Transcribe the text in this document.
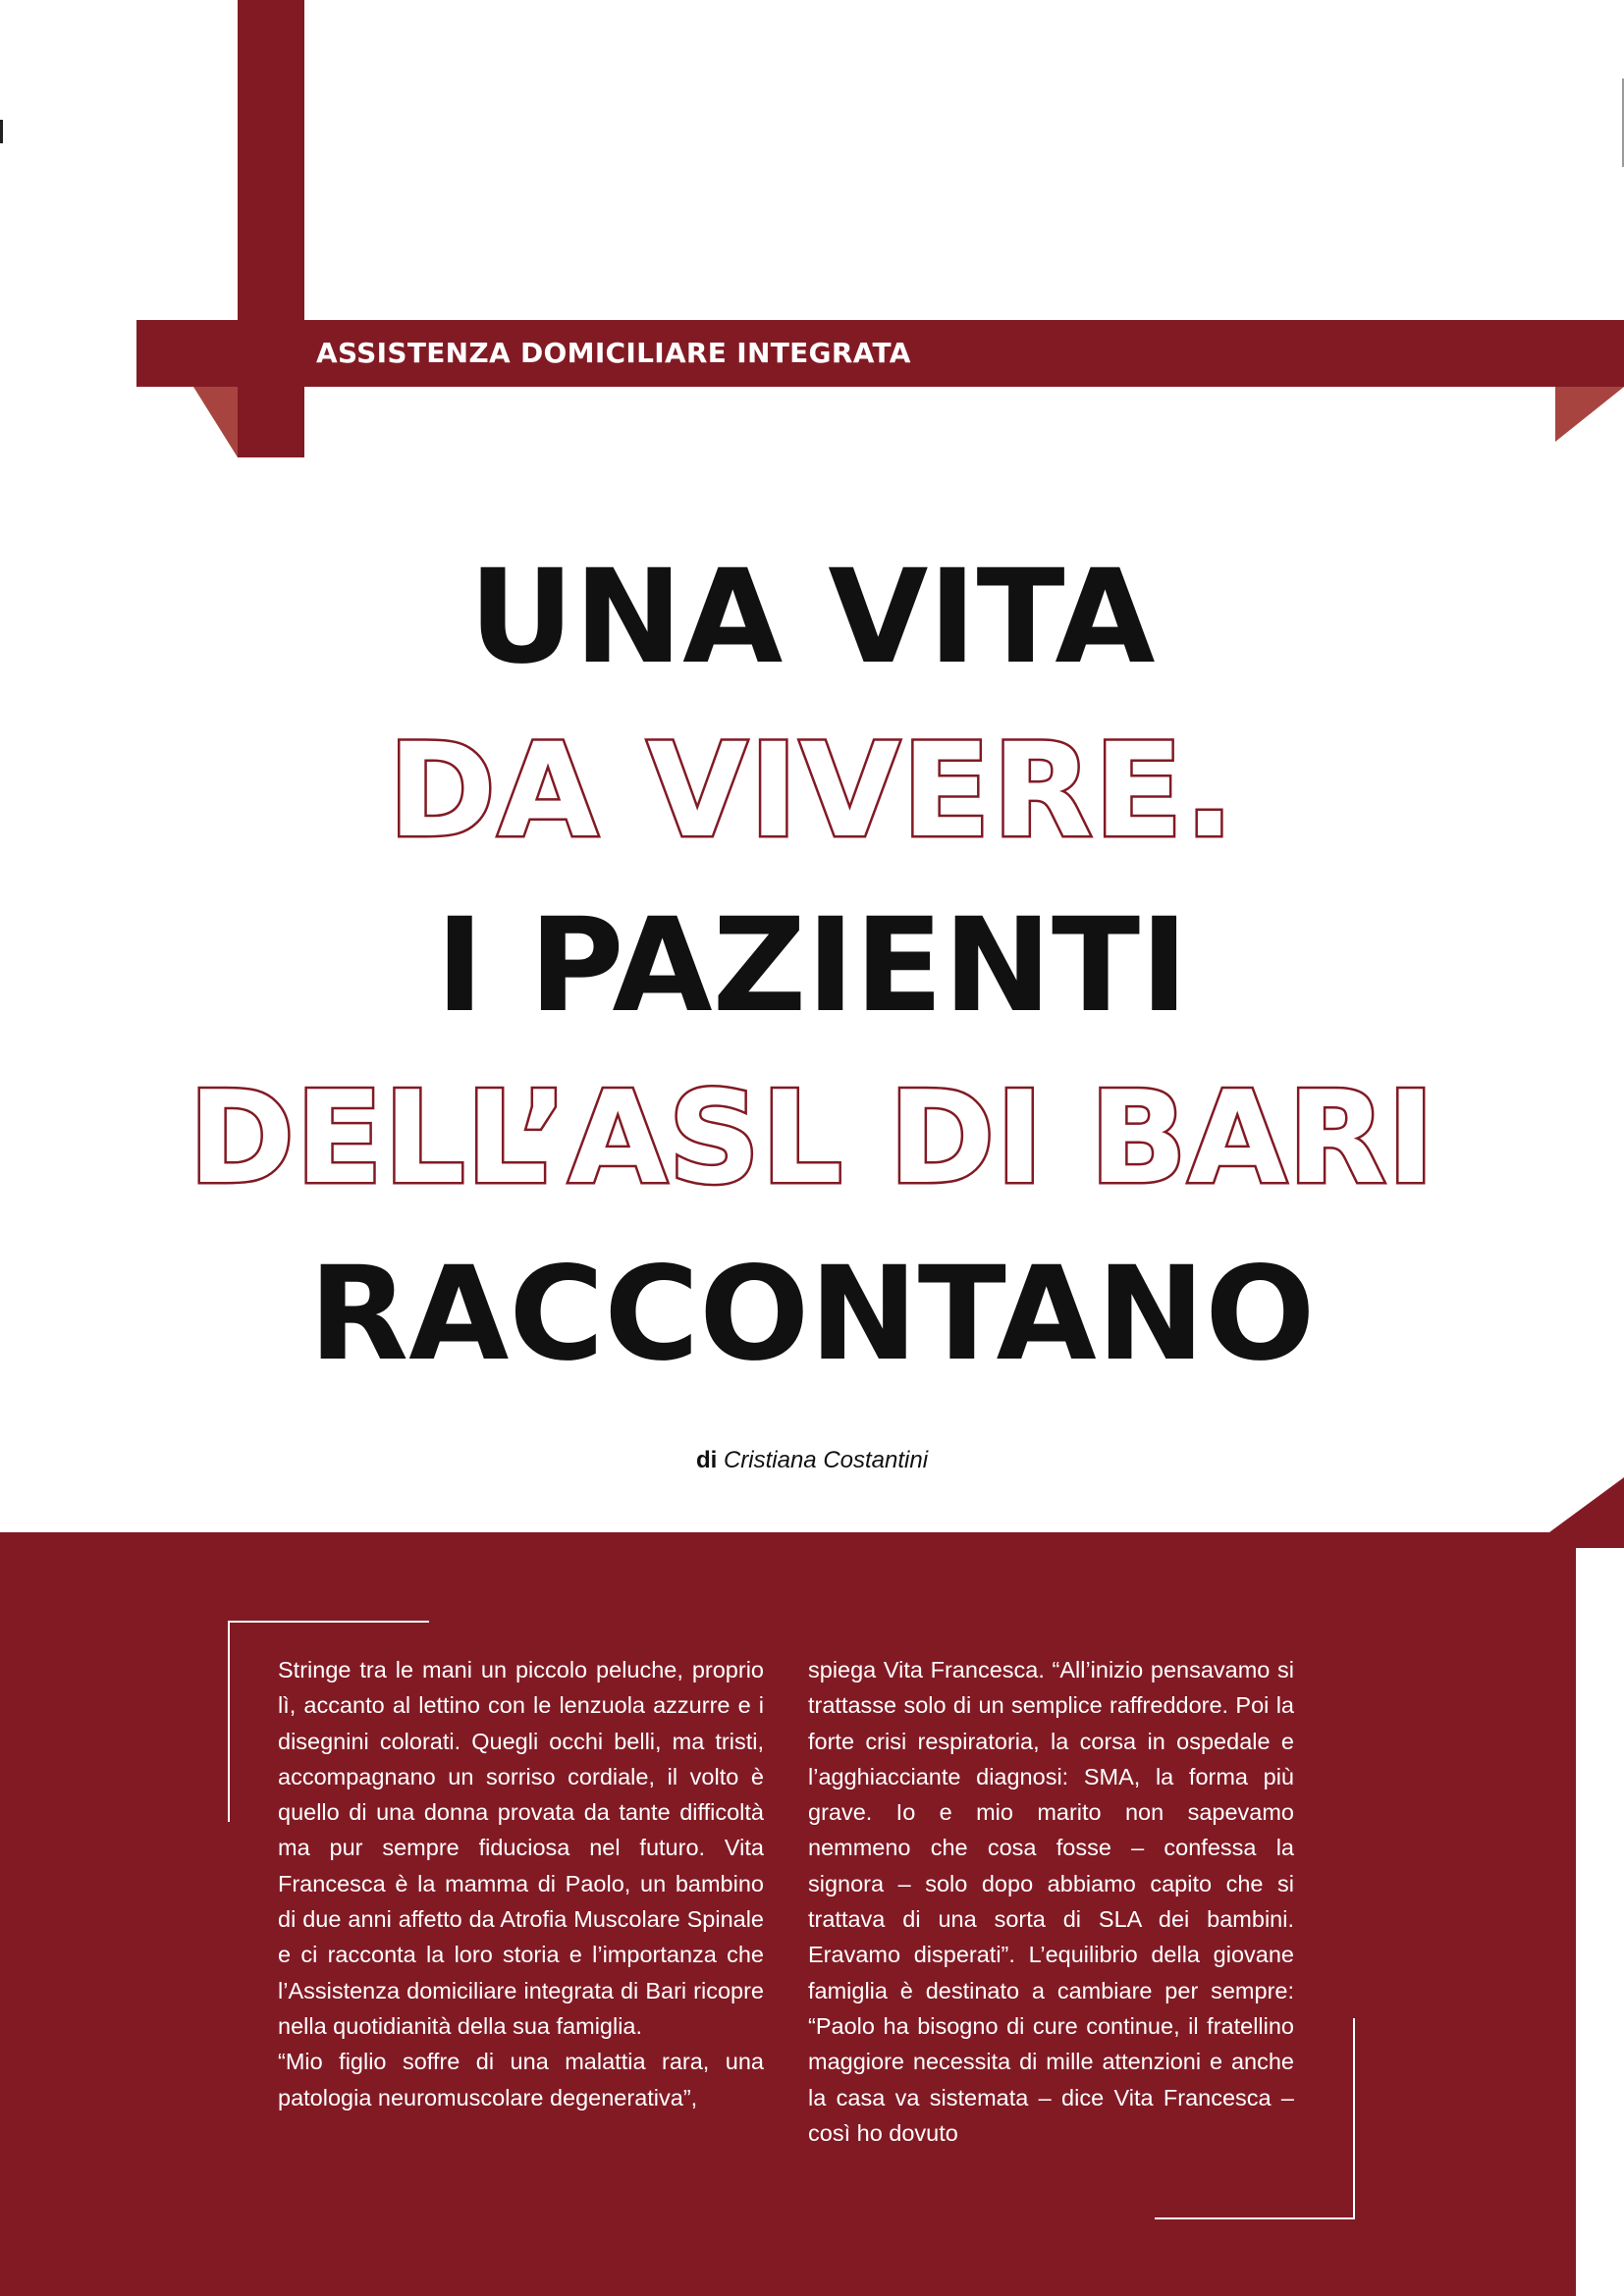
ASSISTENZA DOMICILIARE INTEGRATA
UNA VITA
DA VIVERE.
I PAZIENTI
DELL’ASL DI BARI
RACCONTANO
di Cristiana Costantini

Stringe tra le mani un piccolo peluche, proprio lì, accanto al lettino con le lenzuola azzurre e i disegnini colorati. Quegli occhi belli, ma tristi, accompagnano un sorriso cordiale, il volto è quello di una donna provata da tante difficoltà ma pur sempre fiduciosa nel futuro. Vita Francesca è la mamma di Paolo, un bambino di due anni affetto da Atrofia Muscolare Spinale e ci racconta la loro storia e l’importanza che l’Assistenza domiciliare integrata di Bari ricopre nella quotidianità della sua famiglia.

“Mio figlio soffre di una malattia rara, una patologia neuromuscolare degenerativa”,

spiega Vita Francesca. “All’inizio pensavamo si trattasse solo di un semplice raffreddore. Poi la forte crisi respiratoria, la corsa in ospedale e l’agghiacciante diagnosi: SMA, la forma più grave. Io e mio marito non sapevamo nemmeno che cosa fosse – confessa la signora – solo dopo abbiamo capito che si trattava di una sorta di SLA dei bambini. Eravamo disperati”. L’equilibrio della giovane famiglia è destinato a cambiare per sempre: “Paolo ha bisogno di cure continue, il fratellino maggiore necessita di mille attenzioni e anche la casa va sistemata – dice Vita Francesca – così ho dovuto
